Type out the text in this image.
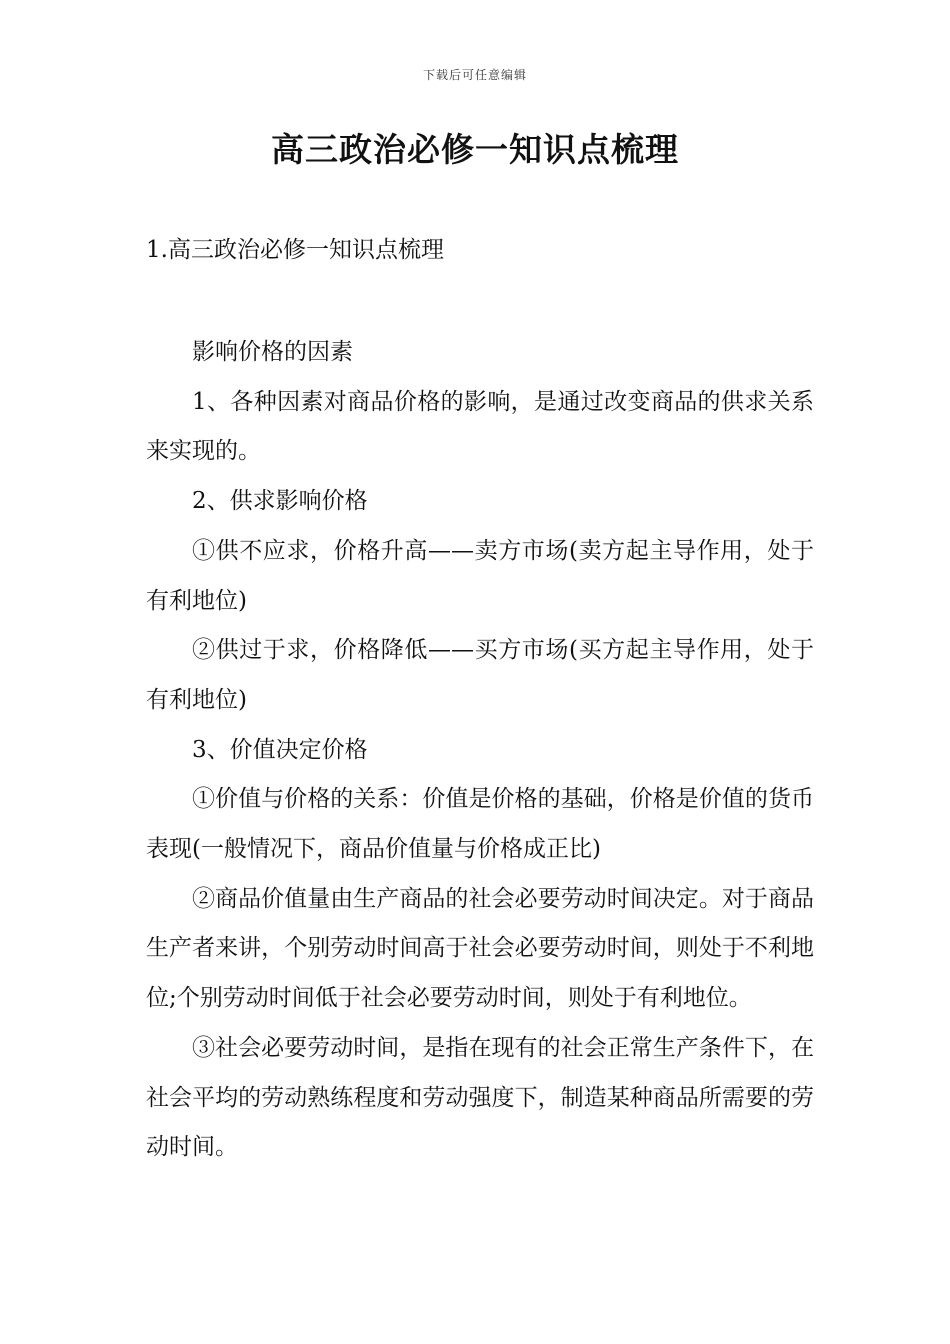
下载后可任意编辑
高三政治必修一知识点梳理
1.高三政治必修一知识点梳理

影响价格的因素

1、各种因素对商品价格的影响，是通过改变商品的供求关系来实现的。

2、供求影响价格

①供不应求，价格升高——卖方市场(卖方起主导作用，处于有利地位)

②供过于求，价格降低——买方市场(买方起主导作用，处于有利地位)

3、价值决定价格

①价值与价格的关系：价值是价格的基础，价格是价值的货币表现(一般情况下，商品价值量与价格成正比)

②商品价值量由生产商品的社会必要劳动时间决定。对于商品生产者来讲，个别劳动时间高于社会必要劳动时间，则处于不利地位;个别劳动时间低于社会必要劳动时间，则处于有利地位。

③社会必要劳动时间，是指在现有的社会正常生产条件下，在社会平均的劳动熟练程度和劳动强度下，制造某种商品所需要的劳动时间。
